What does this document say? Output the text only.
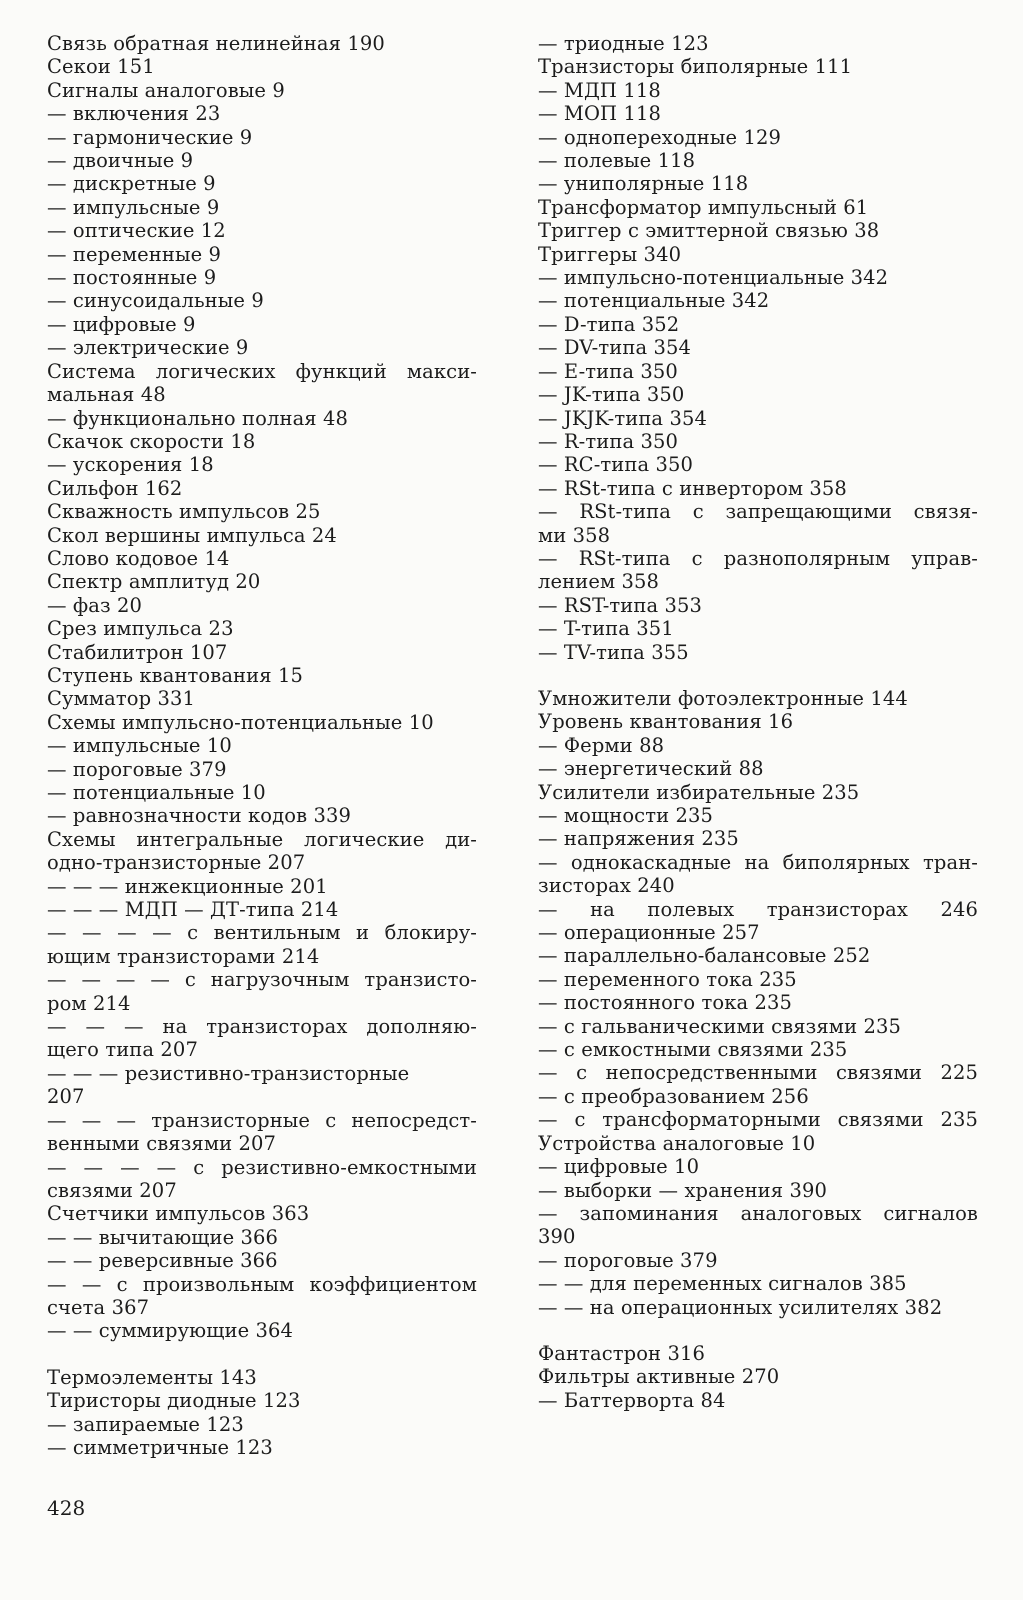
Связь обратная нелинейная 190
Секои 151
Сигналы аналоговые 9
— включения 23
— гармонические 9
— двоичные 9
— дискретные 9
— импульсные 9
— оптические 12
— переменные 9
— постоянные 9
— синусоидальные 9
— цифровые 9
— электрические 9
Система логических функций макси-
мальная 48
— функционально полная 48
Скачок скорости 18
— ускорения 18
Сильфон 162
Скважность импульсов 25
Скол вершины импульса 24
Слово кодовое 14
Спектр амплитуд 20
— фаз 20
Срез импульса 23
Стабилитрон 107
Ступень квантования 15
Сумматор 331
Схемы импульсно-потенциальные 10
— импульсные 10
— пороговые 379
— потенциальные 10
— равнозначности кодов 339
Схемы интегральные логические ди-
одно-транзисторные 207
— — — инжекционные 201
— — — МДП — ДТ-типа 214
— — — — с вентильным и блокиру-
ющим транзисторами 214
— — — — с нагрузочным транзисто-
ром 214
— — — на транзисторах дополняю-
щего типа 207
— — — резистивно-транзисторные
207
— — — транзисторные с непосредст-
венными связями 207
— — — — с резистивно-емкостными
связями 207
Счетчики импульсов 363
— — вычитающие 366
— — реверсивные 366
— — с произвольным коэффициентом
счета 367
— — суммирующие 364
Термоэлементы 143
Тиристоры диодные 123
— запираемые 123
— симметричные 123
— триодные 123
Транзисторы биполярные 111
— МДП 118
— МОП 118
— однопереходные 129
— полевые 118
— униполярные 118
Трансформатор импульсный 61
Триггер с эмиттерной связью 38
Триггеры 340
— импульсно-потенциальные 342
— потенциальные 342
— D-типа 352
— DV-типа 354
— E-типа 350
— JK-типа 350
— JKJK-типа 354
— R-типа 350
— RC-типа 350
— RSt-типа с инвертором 358
— RSt-типа с запрещающими связя-
ми 358
— RSt-типа с разнополярным управ-
лением 358
— RST-типа 353
— T-типа 351
— TV-типа 355
Умножители фотоэлектронные 144
Уровень квантования 16
— Ферми 88
— энергетический 88
Усилители избирательные 235
— мощности 235
— напряжения 235
— однокаскадные на биполярных тран-
зисторах 240
— на полевых транзисторах 246
— операционные 257
— параллельно-балансовые 252
— переменного тока 235
— постоянного тока 235
— с гальваническими связями 235
— с емкостными связями 235
— с непосредственными связями 225
— с преобразованием 256
— с трансформаторными связями 235
Устройства аналоговые 10
— цифровые 10
— выборки — хранения 390
— запоминания аналоговых сигналов
390
— пороговые 379
— — для переменных сигналов 385
— — на операционных усилителях 382
Фантастрон 316
Фильтры активные 270
— Баттерворта 84
428
